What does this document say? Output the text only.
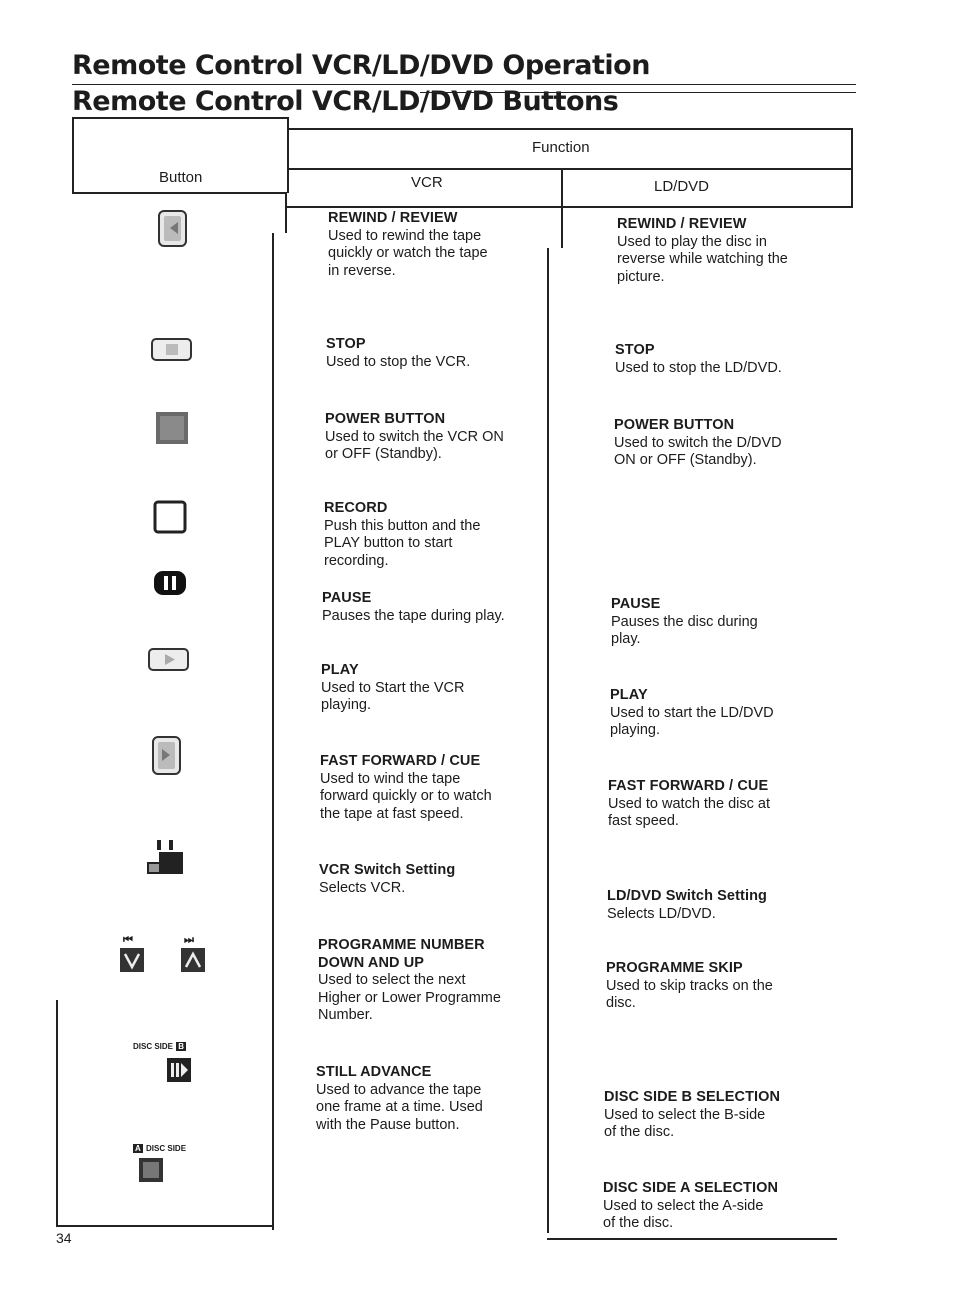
Remote Control VCR/LD/DVD Operation
Remote Control VCR/LD/DVD Buttons
Button
Function
VCR	LD/DVD
⏮	⏭
DISC SIDE B
A DISC SIDE
REWIND / REVIEW
Used to rewind the tape
quickly or watch the tape
in reverse.
STOP
Used to stop the VCR.
POWER BUTTON
Used to switch the VCR ON
or OFF (Standby).
RECORD
Push this button and the
PLAY button to start
recording.
PAUSE
Pauses the tape during play.
PLAY
Used to Start the VCR
playing.
FAST FORWARD / CUE
Used to wind the tape
forward quickly or to watch
the tape at fast speed.
VCR Switch Setting
Selects VCR.
PROGRAMME NUMBER DOWN AND UP
Used to select the next
Higher or Lower Programme
Number.
STILL ADVANCE
Used to advance the tape
one frame at a time. Used
with the Pause button.
REWIND / REVIEW
Used to play the disc in
reverse while watching the
picture.
STOP
Used to stop the LD/DVD.
POWER BUTTON
Used to switch the D/DVD
ON or OFF (Standby).
PAUSE
Pauses the disc during
play.
PLAY
Used to start the LD/DVD
playing.
FAST FORWARD / CUE
Used to watch the disc at
fast speed.
LD/DVD Switch Setting
Selects LD/DVD.
PROGRAMME SKIP
Used to skip tracks on the
disc.
DISC SIDE B SELECTION
Used to select the B-side
of the disc.
DISC SIDE A SELECTION
Used to select the A-side
of the disc.
34
